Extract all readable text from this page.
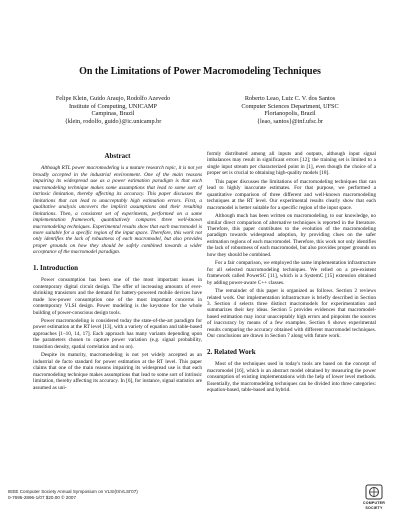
On the Limitations of Power Macromodeling Techniques
Felipe Klein, Guido Araujo, Rodolfo Azevedo
Institute of Computing, UNICAMP
Campinas, Brazil
{klein, rodolfo, guido}@ic.unicamp.br
Roberto Leao, Luiz C. V. dos Santos
Computer Sciences Department, UFSC
Florianopolis, Brazil
{leao, santos}@inf.ufsc.br
Abstract

Although RTL power macromodeling is a mature research topic, it is not yet broadly accepted in the industrial environment. One of the main reasons impairing its widespread use as a power estimation paradigm is that each macromodeling technique makes some assumptions that lead to some sort of intrinsic limitation, thereby affecting its accuracy. This paper discusses the limitations that can lead to unacceptably high estimation errors. First, a qualitative analysis uncovers the implicit assumptions and their resulting limitations. Then, a consistent set of experiments, performed on a same implementation framework, quantitatively compares three well-known macromodeling techniques. Experimental results show that each macromodel is more suitable for a specific region of the input space. Therefore, this work not only identifies the lack of robustness of each macromodel, but also provides proper grounds on how they should be safely combined towards a wider acceptance of the macromodel paradigm.

1. Introduction

Power consumption has been one of the most important issues in contemporary digital circuit design. The offer of increasing amounts of ever-shrinking transistors and the demand for battery-powered mobile devices have made low-power consumption one of the most important concerns in contemporary VLSI design. Power modeling is the keystone for the whole building of power-conscious design tools.

Power macromodeling is considered today the state-of-the-art paradigm for power estimation at the RT level [13], with a variety of equation and table-based approaches [1–10, 14, 17]. Each approach has many variants depending upon the parameters chosen to capture power variation (e.g. signal probability, transition density, spatial correlation and so on).

Despite its maturity, macromodeling is not yet widely accepted as an industrial de facto standard for power estimation at the RT level. This paper claims that one of the main reasons impairing its widespread use is that each macromodeling technique makes assumptions that lead to some sort of intrinsic limitation, thereby affecting its accuracy. In [6], for instance, signal statistics are assumed as uni-

formly distributed among all inputs and outputs, although input signal imbalances may result in significant errors [12]; the training set is limited to a single input stream per characterized point in [1], even though the choice of a proper set is crucial to obtaining high-quality models [18].

This paper discusses the limitations of macromodeling techniques that can lead to highly inaccurate estimates. For that purpose, we performed a quantitative comparison of three different and well-known macromodeling techniques at the RT level. Our experimental results clearly show that each macromodel is better suitable for a specific region of the input space.

Although much has been written on macromodeling, to our knowledge, no similar direct comparison of alternative techniques is reported in the literature. Therefore, this paper contributes to the evolution of the macromodeling paradigm towards widespread adoption, by providing clues on the safer estimation regions of each macromodel. Therefore, this work not only identifies the lack of robustness of each macromodel, but also provides proper grounds on how they should be combined.

For a fair comparison, we employed the same implementation infrastructure for all selected macromodeling techniques. We relied on a pre-existent framework called PowerSC [11], which is a SystemC [15] extension obtained by adding power-aware C++ classes.

The remainder of this paper is organized as follows. Section 2 reviews related work. Our implementation infrastructure is briefly described in Section 3. Section 4 selects three distinct macromodels for experimentation and summarizes their key ideas. Section 5 provides evidences that macromodel-based estimation may incur unacceptably high errors and pinpoints the sources of inaccuracy by means of a few examples. Section 6 shows experimental results comparing the accuracy obtained with different macromodel techniques. Our conclusions are drawn in Section 7 along with future work.

2. Related Work

Most of the techniques used in today's tools are based on the concept of macromodel [16], which is an abstract model obtained by measuring the power consumption of existing implementations with the help of lower level methods. Essentially, the macromodeling techniques can be divided into three categories: equation-based, table-based and hybrid.

IEEE Computer Society Annual Symposium on VLSI(ISVLSI'07)
0-7695-2896-1/07 $20.00 © 2007
COMPUTER
SOCIETY
